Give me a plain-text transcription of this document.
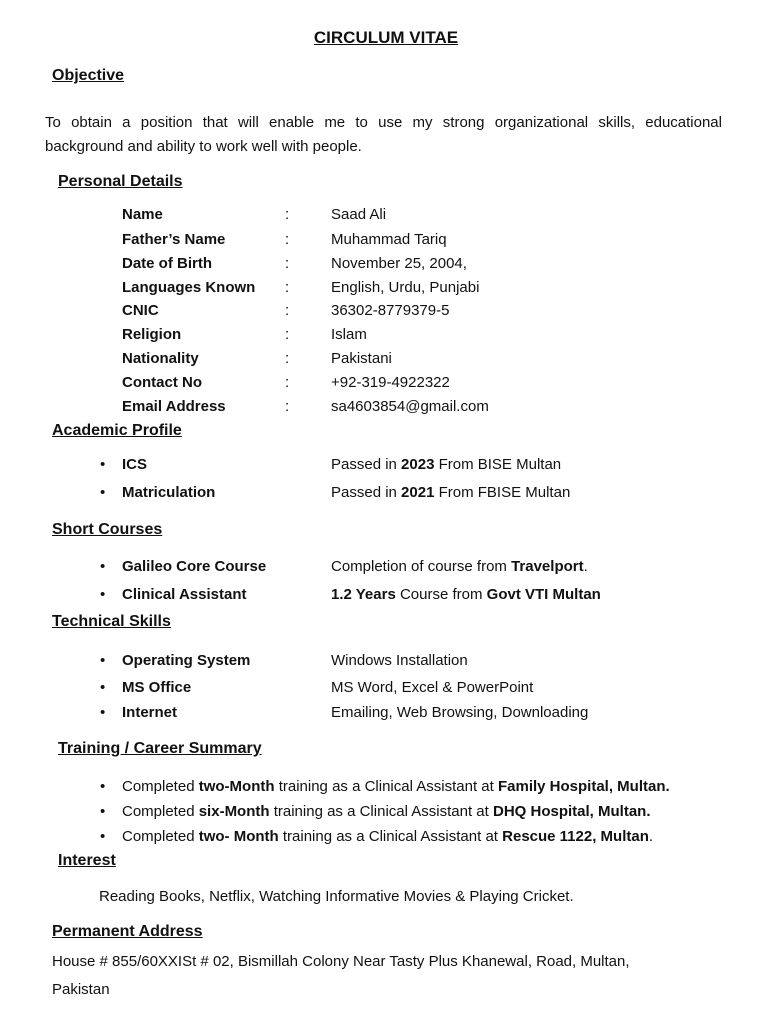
CIRCULUM VITAE
Objective
To obtain a position that will enable me to use my strong organizational skills, educational
background and ability to work well with people.
Personal Details
Name	:	Saad Ali
Father’s Name	:	Muhammad Tariq
Date of Birth	:	November 25, 2004,
Languages Known :	English, Urdu, Punjabi
CNIC	:	36302-8779379-5
Religion	:	Islam
Nationality	:	Pakistani
Contact No	:	+92-319-4922322
Email Address	:	sa4603854@gmail.com
Academic Profile
• ICS	Passed in 2023 From BISE Multan
• Matriculation	Passed in 2021 From FBISE Multan
Short Courses
• Galileo Core Course	Completion of course from Travelport.
• Clinical Assistant	1.2 Years Course from Govt VTI Multan
Technical Skills
• Operating System	Windows Installation
• MS Office	MS Word, Excel & PowerPoint
• Internet	Emailing, Web Browsing, Downloading
Training / Career Summary
• Completed two-Month training as a Clinical Assistant at Family Hospital, Multan.
• Completed six-Month training as a Clinical Assistant at DHQ Hospital, Multan.
• Completed two- Month training as a Clinical Assistant at Rescue 1122, Multan.
Interest
Reading Books, Netflix, Watching Informative Movies & Playing Cricket.
Permanent Address
House # 855/60XXISt # 02, Bismillah Colony Near Tasty Plus Khanewal, Road, Multan,
Pakistan
